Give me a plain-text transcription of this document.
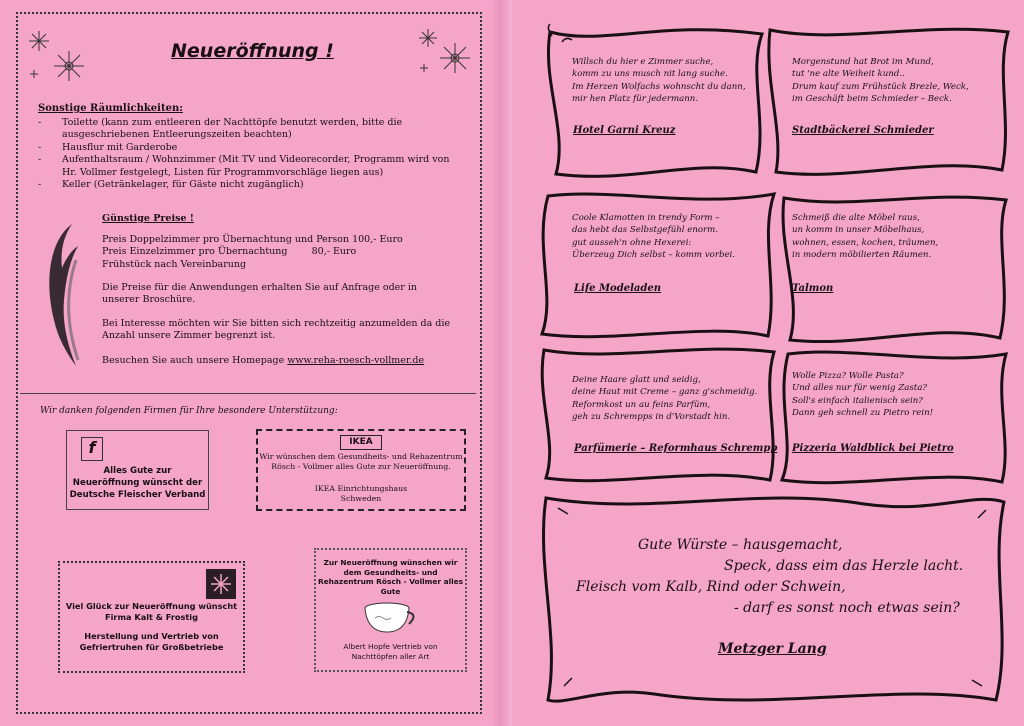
Neueröffnung !
Sonstige Räumlichkeiten:
- Toilette (kann zum entleeren der Nachttöpfe benutzt werden, bitte die ausgeschriebenen Entleerungszeiten beachten)
- Hausflur mit Garderobe
- Aufenthaltsraum / Wohnzimmer (Mit TV und Videorecorder, Programm wird von Hr. Vollmer festgelegt, Listen für Programmvorschläge liegen aus)
- Keller (Getränkelager, für Gäste nicht zugänglich)
Günstige Preise !
Preis Doppelzimmer pro Übernachtung und Person 100,- Euro
Preis Einzelzimmer pro Übernachtung        80,- Euro
Frühstück nach Vereinbarung
Die Preise für die Anwendungen erhalten Sie auf Anfrage oder in unserer Broschüre.
Bei Interesse möchten wir Sie bitten sich rechtzeitig anzumelden da die Anzahl unsere Zimmer begrenzt ist.
Besuchen Sie auch unsere Homepage www.reha-roesch-vollmer.de
Wir danken folgenden Firmen für Ihre besondere Unterstützung:
f
Alles Gute zur
Neueröffnung wünscht der
Deutsche Fleischer Verband
IKEA
Wir wünschen dem Gesundheits- und Rehazentrum
Rösch - Vollmer alles Gute zur Neueröffnung.
IKEA Einrichtungshaus
Schweden
Viel Glück zur Neueröffnung wünscht
Firma Kalt & Frostig
Herstellung und Vertrieb von
Gefriertruhen für Großbetriebe
Zur Neueröffnung wünschen wir
dem Gesundheits- und
Rehazentrum Rösch - Vollmer alles
Gute
Albert Hopfe Vertrieb von
Nachttöpfen aller Art
Willsch du hier e Zimmer suche,
komm zu uns musch nit lang suche.
Im Herzen Wolfachs wohnscht du dann,
mir hen Platz für jedermann.
Hotel Garni Kreuz
Morgenstund hat Brot im Mund,
tut 'ne alte Weiheit kund..
Drum kauf zum Frühstück Brezle, Weck,
im Geschäft beim Schmieder – Beck.
Stadtbäckerei Schmieder
Coole Klamotten in trendy Form –
das hebt das Selbstgefühl enorm.
gut ausseh'n ohne Hexerei:
Überzeug Dich selbst – komm vorbei.
Life Modeladen
Schmeiß die alte Möbel raus,
un komm in unser Möbelhaus,
wohnen, essen, kochen, träumen,
in modern möbilierten Räumen.
Talmon
Deine Haare glatt und seidig,
deine Haut mit Creme – ganz g'schmeidig.
Reformkost un au feins Parfüm,
geh zu Schrempps in d'Vorstadt hin.
Parfümerie – Reformhaus Schrempp
Wolle Pizza? Wolle Pasta?
Und alles nur für wenig Zasta?
Soll's einfach italienisch sein?
Dann geh schnell zu Pietro rein!
Pizzeria Waldblick bei Pietro
Gute Würste – hausgemacht,
Speck, dass eim das Herzle lacht.
Fleisch vom Kalb, Rind oder Schwein,
- darf es sonst noch etwas sein?
Metzger Lang
